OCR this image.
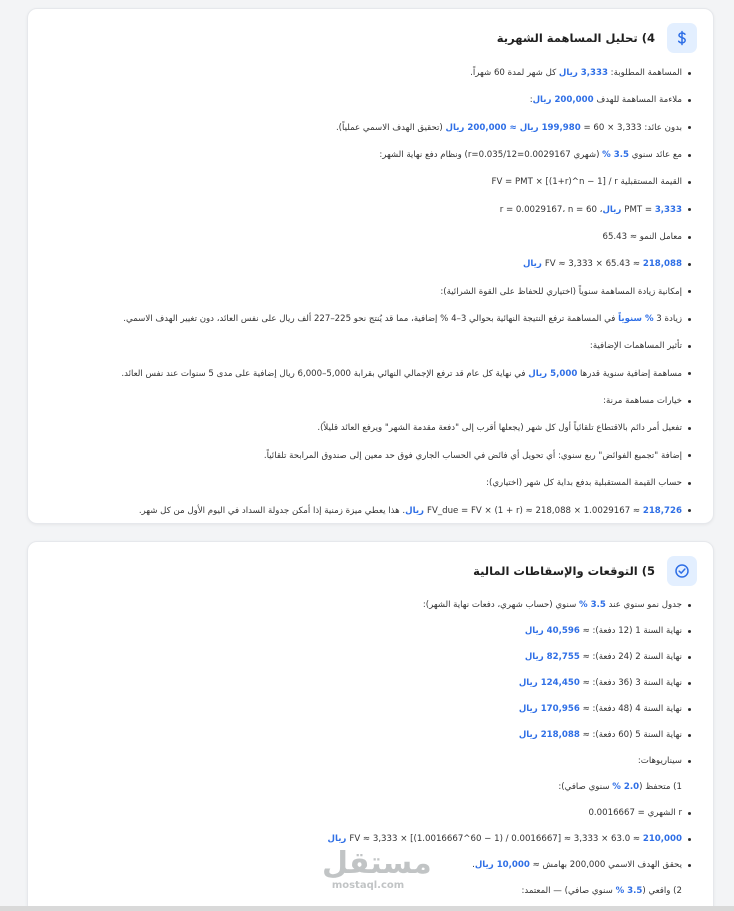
4) تحليل المساهمة الشهرية
المساهمة المطلوبة: 3,333 ريال كل شهر لمدة 60 شهراً.
ملاءمة المساهمة للهدف 200,000 ريال:
بدون عائد: 3,333 × 60 = 199,980 ريال ≈ 200,000 ريال (تحقيق الهدف الاسمي عملياً).
مع عائد سنوي 3.5 % (شهري r=0.035/12=0.0029167) ونظام دفع نهاية الشهر:
القيمة المستقبلية FV = PMT × [(1+r)^n − 1] / r
PMT = 3,333 ريال، r = 0.0029167، n = 60
معامل النمو ≈ 65.43
FV ≈ 3,333 × 65.43 ≈ 218,088 ريال
إمكانية زيادة المساهمة سنوياً (اختياري للحفاظ على القوة الشرائية):
زيادة 3 % سنوياً في المساهمة ترفع النتيجة النهائية بحوالي 3–4 % إضافية، مما قد يُنتج نحو 225–227 ألف ريال على نفس العائد، دون تغيير الهدف الاسمي.
تأثير المساهمات الإضافية:
مساهمة إضافية سنوية قدرها 5,000 ريال في نهاية كل عام قد ترفع الإجمالي النهائي بقرابة 5,000–6,000 ريال إضافية على مدى 5 سنوات عند نفس العائد.
خيارات مساهمة مرنة:
تفعيل أمر دائم بالاقتطاع تلقائياً أول كل شهر (يجعلها أقرب إلى "دفعة مقدمة الشهر" ويرفع العائد قليلاً).
إضافة "تجميع الفوائض" ربع سنوي: أي تحويل أي فائض في الحساب الجاري فوق حد معين إلى صندوق المرابحة تلقائياً.
حساب القيمة المستقبلية بدفع بداية كل شهر (اختياري):
FV_due = FV × (1 + r) ≈ 218,088 × 1.0029167 ≈ 218,726 ريال. هذا يعطي ميزة زمنية إذا أمكن جدولة السداد في اليوم الأول من كل شهر.
5) التوقعات والإسقاطات المالية
جدول نمو سنوي عند 3.5 % سنوي (حساب شهري، دفعات نهاية الشهر):
نهاية السنة 1 (12 دفعة): ≈ 40,596 ريال
نهاية السنة 2 (24 دفعة): ≈ 82,755 ريال
نهاية السنة 3 (36 دفعة): ≈ 124,450 ريال
نهاية السنة 4 (48 دفعة): ≈ 170,956 ريال
نهاية السنة 5 (60 دفعة): ≈ 218,088 ريال
سيناريوهات:
1) متحفظ (2.0 % سنوي صافي):
r الشهري = 0.0016667
FV ≈ 3,333 × [(1.0016667^60 − 1) / 0.0016667] ≈ 3,333 × 63.0 ≈ 210,000 ريال
يحقق الهدف الاسمي 200,000 بهامش ≈ 10,000 ريال.
2) واقعي (3.5 % سنوي صافي) — المعتمد:
مستقل
mostaql.com
